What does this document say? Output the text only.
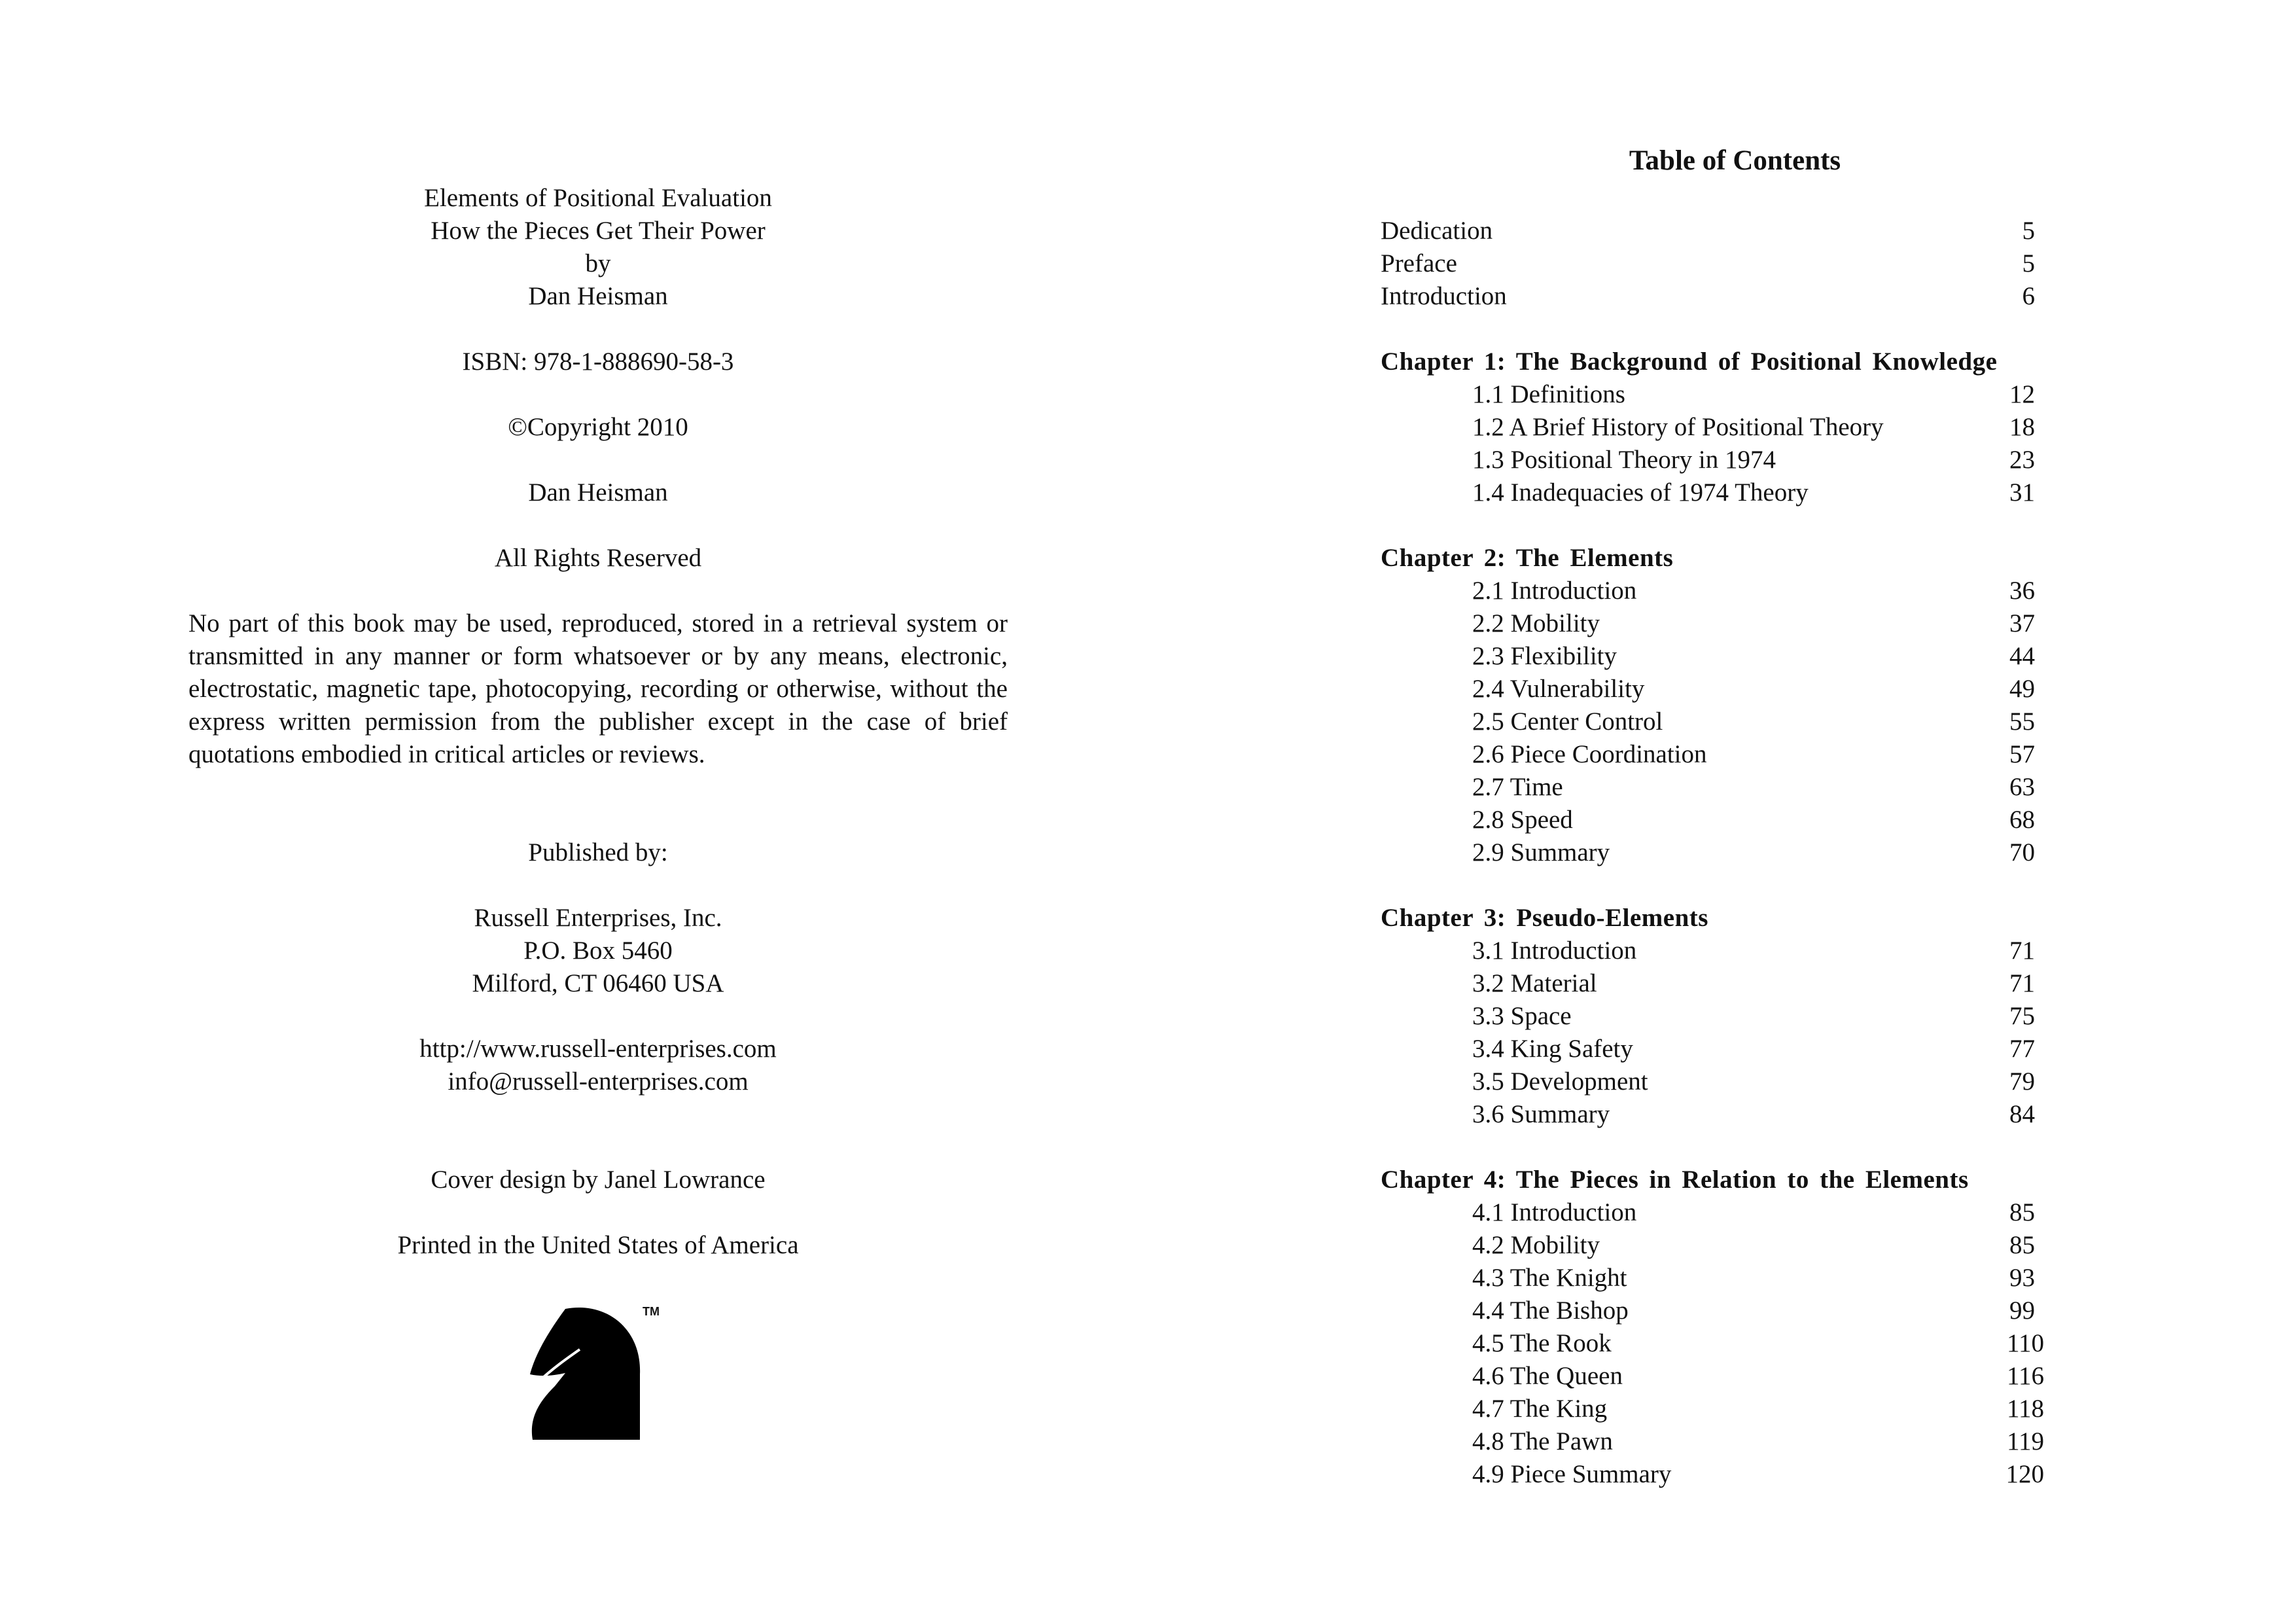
Elements of Positional Evaluation
How the Pieces Get Their Power
by
Dan Heisman
ISBN: 978-1-888690-58-3
©Copyright 2010
Dan Heisman
All Rights Reserved
No part of this book may be used, reproduced, stored in a retrieval system or transmitted in any manner or form whatsoever or by any means, electronic, electrostatic, magnetic tape, photocopying, recording or otherwise, without the express written permission from the publisher except in the case of brief quotations embodied in critical articles or reviews.
Published by:
Russell Enterprises, Inc.
P.O. Box 5460
Milford, CT 06460 USA
http://www.russell-enterprises.com
info@russell-enterprises.com
Cover design by Janel Lowrance
Printed in the United States of America
TM
Table of Contents
Dedication	5
Preface	5
Introduction	6
Chapter 1: The Background of Positional Knowledge
1.1 Definitions	12
1.2 A Brief History of Positional Theory	18
1.3 Positional Theory in 1974	23
1.4 Inadequacies of 1974 Theory	31
Chapter 2: The Elements
2.1 Introduction	36
2.2 Mobility	37
2.3 Flexibility	44
2.4 Vulnerability	49
2.5 Center Control	55
2.6 Piece Coordination	57
2.7 Time	63
2.8 Speed	68
2.9 Summary	70
Chapter 3: Pseudo-Elements
3.1 Introduction	71
3.2 Material	71
3.3 Space	75
3.4 King Safety	77
3.5 Development	79
3.6 Summary	84
Chapter 4: The Pieces in Relation to the Elements
4.1 Introduction	85
4.2 Mobility	85
4.3 The Knight	93
4.4 The Bishop	99
4.5 The Rook	110
4.6 The Queen	116
4.7 The King	118
4.8 The Pawn	119
4.9 Piece Summary	120
